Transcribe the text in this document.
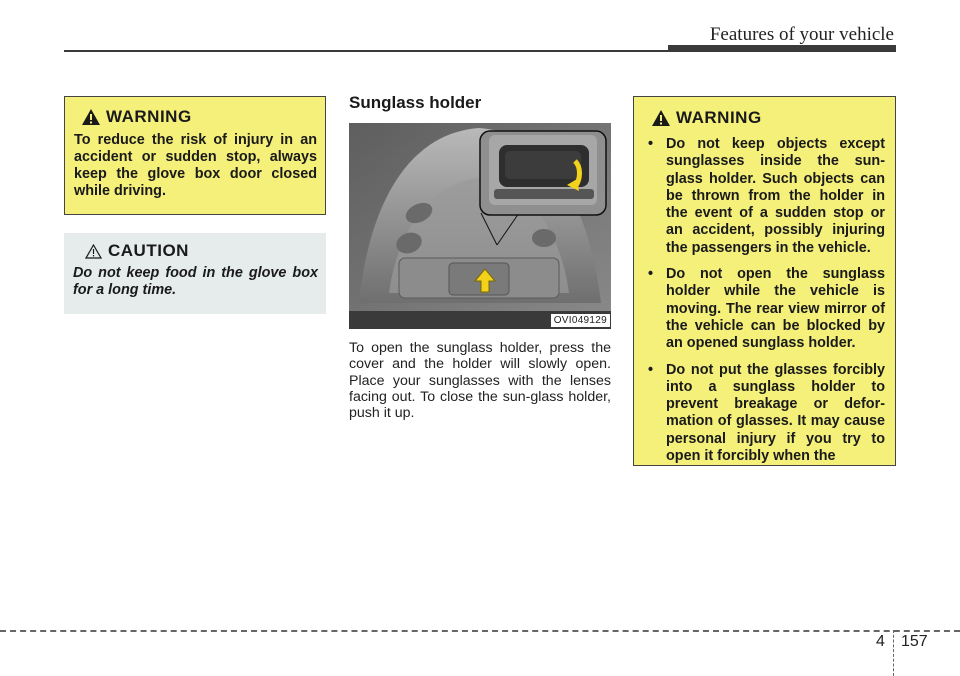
Features of your vehicle
WARNING
To reduce the risk of injury in an accident or sudden stop, always keep the glove box door closed while driving.
CAUTION
Do not keep food in the glove box for a long time.
Sunglass holder
OVI049129
To open the sunglass holder, press the cover and the holder will slowly open. Place your sunglasses with the lenses facing out. To close the sun-glass holder, push it up.
WARNING
• Do not keep objects except sunglasses inside the sun-glass holder. Such objects can be thrown from the holder in the event of a sudden stop or an accident, possibly injuring the passengers in the vehicle.
• Do not open the sunglass holder while the vehicle is moving. The rear view mirror of the vehicle can be blocked by an opened sunglass holder.
• Do not put the glasses forcibly into a sunglass holder to prevent breakage or defor-mation of glasses. It may cause personal injury if you try to open it forcibly when the
4 157
